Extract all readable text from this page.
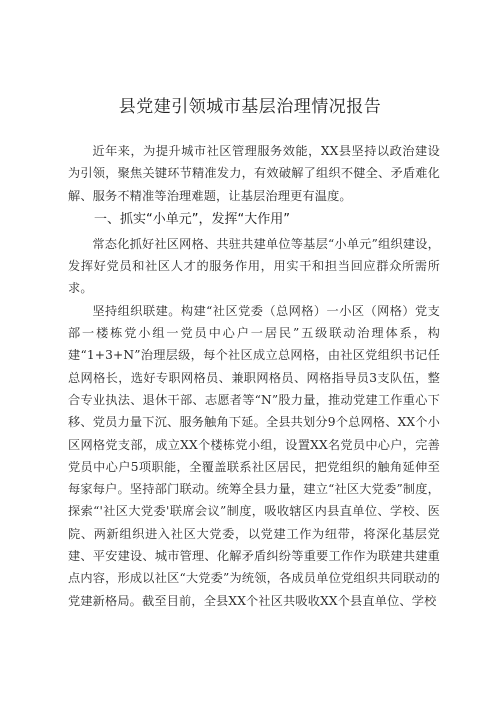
县党建引领城市基层治理情况报告

近年来，为提升城市社区管理服务效能，XX县坚持以政治建设为引领，聚焦关键环节精准发力，有效破解了组织不健全、矛盾难化解、服务不精准等治理难题，让基层治理更有温度。

一、抓实“小单元”，发挥“大作用”

常态化抓好社区网格、共驻共建单位等基层“小单元”组织建设，发挥好党员和社区人才的服务作用，用实干和担当回应群众所需所求。

坚持组织联建。构建“社区党委（总网格）一小区（网格）党支部一楼栋党小组一党员中心户一居民”五级联动治理体系，构建“1+3+N”治理层级，每个社区成立总网格，由社区党组织书记任总网格长，选好专职网格员、兼职网格员、网格指导员3支队伍，整合专业执法、退休干部、志愿者等“N”股力量，推动党建工作重心下移、党员力量下沉、服务触角下延。全县共划分9个总网格、XX个小区网格党支部，成立XX个楼栋党小组，设置XX名党员中心户，完善党员中心户5项职能，全覆盖联系社区居民，把党组织的触角延伸至每家每户。坚持部门联动。统筹全县力量，建立“社区大党委”制度，探索“'社区大党委'联席会议”制度，吸收辖区内县直单位、学校、医院、两新组织进入社区大党委，以党建工作为纽带，将深化基层党建、平安建设、城市管理、化解矛盾纠纷等重要工作作为联建共建重点内容，形成以社区“大党委”为统领，各成员单位党组织共同联动的党建新格局。截至目前，全县XX个社区共吸收XX个县直单位、学校
